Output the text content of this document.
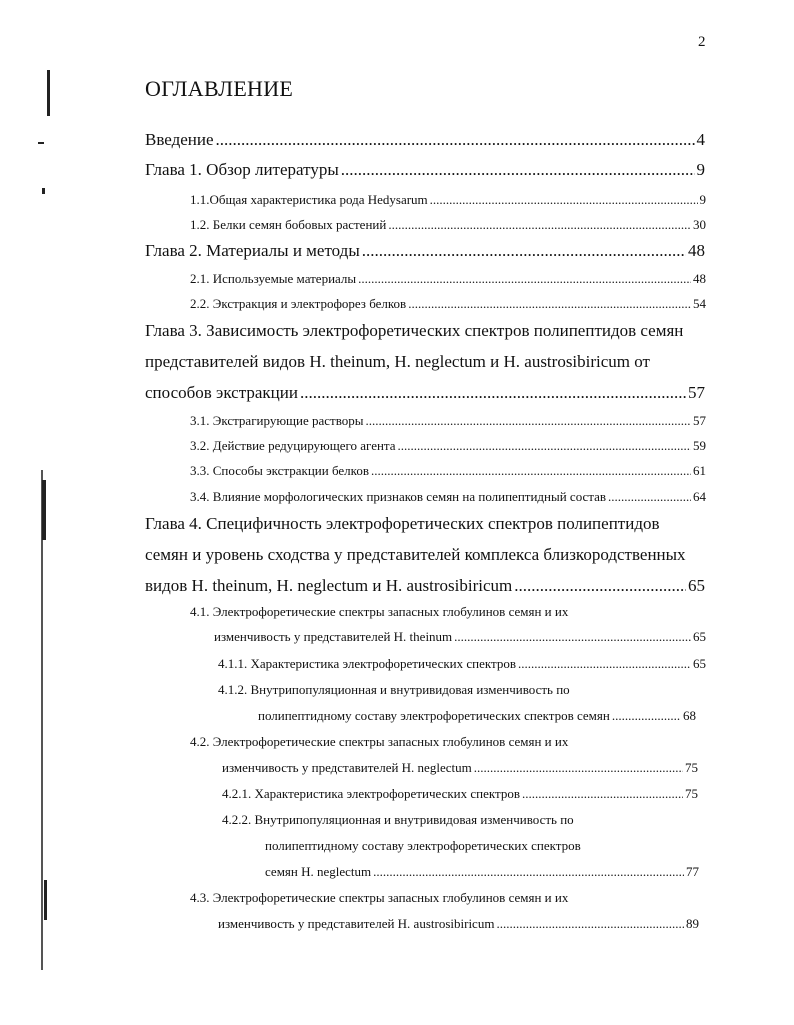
2
ОГЛАВЛЕНИЕ
Введение .....	4
Глава 1. Обзор литературы .....	9
1.1.Общая характеристика рода Hedysarum .....	9
1.2. Белки семян бобовых растений .....	30
Глава 2. Материалы и методы .....	48
2.1. Используемые материалы .....	48
2.2. Экстракция и электрофорез белков .....	54
Глава 3. Зависимость электрофоретических спектров полипептидов семян
представителей видов H. theinum, H. neglectum и H. austrosibiricum от
способов экстракции .....	57
3.1. Экстрагирующие растворы .....	57
3.2. Действие редуцирующего агента .....	59
3.3. Способы экстракции белков .....	61
3.4. Влияние морфологических признаков семян на полипептидный состав .....	64
Глава 4. Специфичность электрофоретических спектров полипептидов
семян и уровень сходства у представителей комплекса близкородственных
видов H. theinum, H. neglectum и H. austrosibiricum .....	65
4.1. Электрофоретические спектры запасных глобулинов семян и их
изменчивость у представителей H. theinum .....	65
4.1.1. Характеристика электрофоретических спектров .....	65
4.1.2. Внутрипопуляционная и внутривидовая изменчивость по
полипептидному составу электрофоретических спектров семян .....	68
4.2. Электрофоретические спектры запасных глобулинов семян и их
изменчивость у представителей H. neglectum .....	75
4.2.1. Характеристика электрофоретических спектров .....	75
4.2.2. Внутрипопуляционная и внутривидовая изменчивость по
полипептидному составу электрофоретических спектров
семян H. neglectum .....	77
4.3. Электрофоретические спектры запасных глобулинов семян и их
изменчивость у представителей H. austrosibiricum .....	89
